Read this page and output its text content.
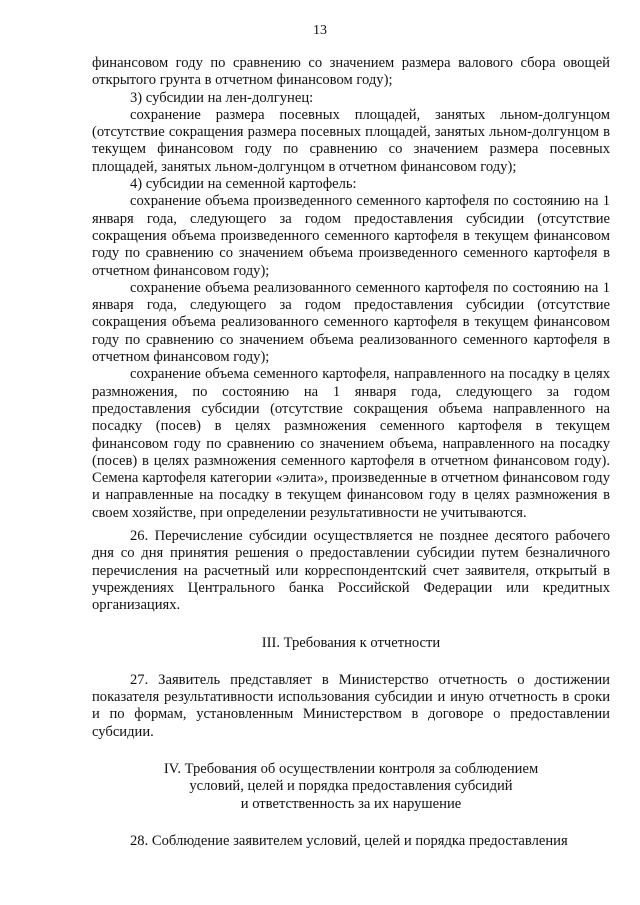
13

финансовом году по сравнению со значением размера валового сбора овощей открытого грунта в отчетном финансовом году);

3) субсидии на лен-долгунец:

сохранение размера посевных площадей, занятых льном-долгунцом (отсутствие сокращения размера посевных площадей, занятых льном-долгунцом в текущем финансовом году по сравнению со значением размера посевных площадей, занятых льном-долгунцом в отчетном финансовом году);

4) субсидии на семенной картофель:

сохранение объема произведенного семенного картофеля по состоянию на 1 января года, следующего за годом предоставления субсидии (отсутствие сокращения объема произведенного семенного картофеля в текущем финансовом году по сравнению со значением объема произведенного семенного картофеля в отчетном финансовом году);

сохранение объема реализованного семенного картофеля по состоянию на 1 января года, следующего за годом предоставления субсидии (отсутствие сокращения объема реализованного семенного картофеля в текущем финансовом году по сравнению со значением объема реализованного семенного картофеля в отчетном финансовом году);

сохранение объема семенного картофеля, направленного на посадку в целях размножения, по состоянию на 1 января года, следующего за годом предоставления субсидии (отсутствие сокращения объема направленного на посадку (посев) в целях размножения семенного картофеля в текущем финансовом году по сравнению со значением объема, направленного на посадку (посев) в целях размножения семенного картофеля в отчетном финансовом году). Семена картофеля категории «элита», произведенные в отчетном финансовом году и направленные на посадку в текущем финансовом году в целях размножения в своем хозяйстве, при определении результативности не учитываются.

26. Перечисление субсидии осуществляется не позднее десятого рабочего дня со дня принятия решения о предоставлении субсидии путем безналичного перечисления на расчетный или корреспондентский счет заявителя, открытый в учреждениях Центрального банка Российской Федерации или кредитных организациях.

III. Требования к отчетности

27. Заявитель представляет в Министерство отчетность о достижении показателя результативности использования субсидии и иную отчетность в сроки и по формам, установленным Министерством в договоре о предоставлении субсидии.

IV. Требования об осуществлении контроля за соблюдением
условий, целей и порядка предоставления субсидий
и ответственность за их нарушение

28. Соблюдение заявителем условий, целей и порядка предоставления
